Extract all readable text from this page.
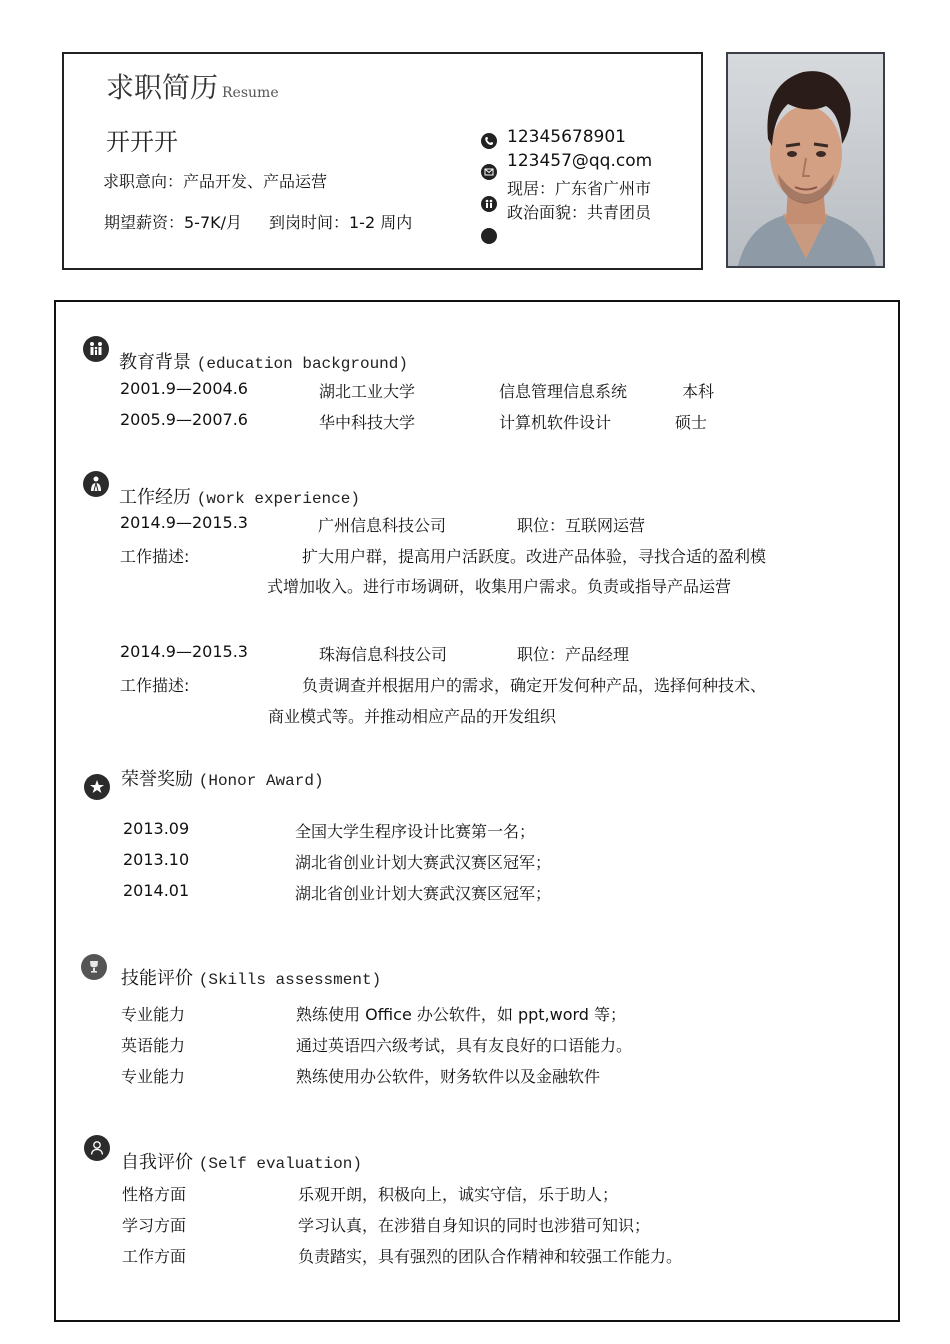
求职简历 Resume
开开开
求职意向：产品开发、产品运营
期望薪资：5-7K/月 到岗时间：1-2 周内
12345678901
123457@qq.com
现居：广东省广州市
政治面貌：共青团员
教育背景 (education background)
2001.9—2004.6	湖北工业大学	信息管理信息系统	本科
2005.9—2007.6	华中科技大学	计算机软件设计	硕士
工作经历 (work experience)
2014.9—2015.3	广州信息科技公司	职位：互联网运营
工作描述:	扩大用户群，提高用户活跃度。改进产品体验，寻找合适的盈利模
式增加收入。进行市场调研，收集用户需求。负责或指导产品运营
2014.9—2015.3	珠海信息科技公司	职位：产品经理
工作描述:	负责调查并根据用户的需求，确定开发何种产品，选择何种技术、
商业模式等。并推动相应产品的开发组织
荣誉奖励 (Honor Award)
2013.09	全国大学生程序设计比赛第一名；
2013.10	湖北省创业计划大赛武汉赛区冠军；
2014.01	湖北省创业计划大赛武汉赛区冠军；
技能评价 (Skills assessment)
专业能力	熟练使用 Office 办公软件，如 ppt,word 等；
英语能力	通过英语四六级考试，具有友良好的口语能力。
专业能力	熟练使用办公软件，财务软件以及金融软件
自我评价 (Self evaluation)
性格方面	乐观开朗，积极向上，诚实守信，乐于助人；
学习方面	学习认真，在涉猎自身知识的同时也涉猎可知识；
工作方面	负责踏实，具有强烈的团队合作精神和较强工作能力。
